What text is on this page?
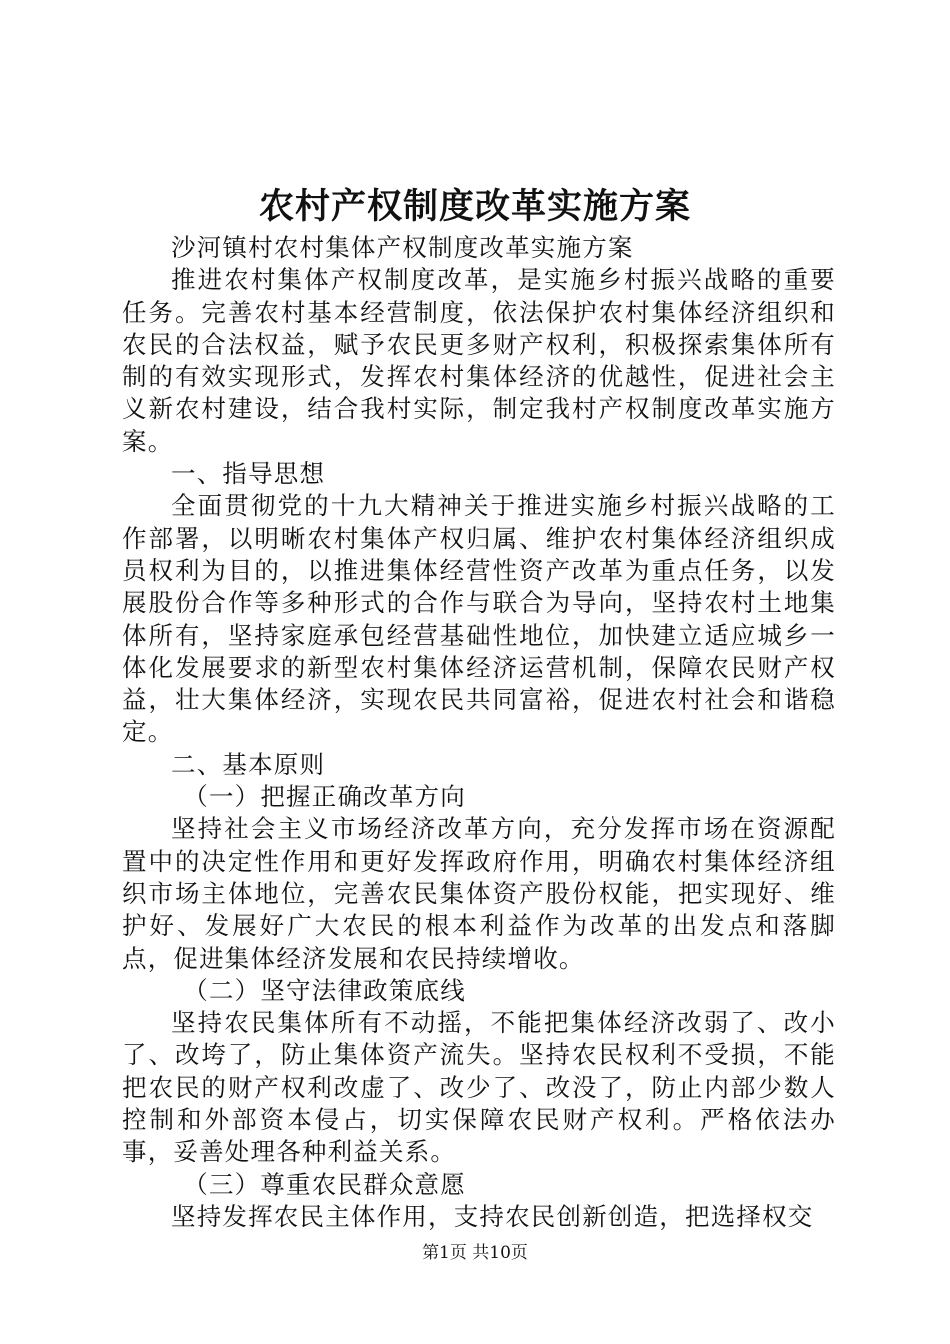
农村产权制度改革实施方案

沙河镇村农村集体产权制度改革实施方案

推进农村集体产权制度改革，是实施乡村振兴战略的重要任务。完善农村基本经营制度，依法保护农村集体经济组织和农民的合法权益，赋予农民更多财产权利，积极探索集体所有制的有效实现形式，发挥农村集体经济的优越性，促进社会主义新农村建设，结合我村实际，制定我村产权制度改革实施方案。

一、指导思想

全面贯彻党的十九大精神关于推进实施乡村振兴战略的工作部署，以明晰农村集体产权归属、维护农村集体经济组织成员权利为目的，以推进集体经营性资产改革为重点任务，以发展股份合作等多种形式的合作与联合为导向，坚持农村土地集体所有，坚持家庭承包经营基础性地位，加快建立适应城乡一体化发展要求的新型农村集体经济运营机制，保障农民财产权益，壮大集体经济，实现农民共同富裕，促进农村社会和谐稳定。

二、基本原则

（一）把握正确改革方向

坚持社会主义市场经济改革方向，充分发挥市场在资源配置中的决定性作用和更好发挥政府作用，明确农村集体经济组织市场主体地位，完善农民集体资产股份权能，把实现好、维护好、发展好广大农民的根本利益作为改革的出发点和落脚点，促进集体经济发展和农民持续增收。

（二）坚守法律政策底线

坚持农民集体所有不动摇，不能把集体经济改弱了、改小了、改垮了，防止集体资产流失。坚持农民权利不受损，不能把农民的财产权利改虚了、改少了、改没了，防止内部少数人控制和外部资本侵占，切实保障农民财产权利。严格依法办事，妥善处理各种利益关系。

（三）尊重农民群众意愿

坚持发挥农民主体作用，支持农民创新创造，把选择权交

第1页 共10页
